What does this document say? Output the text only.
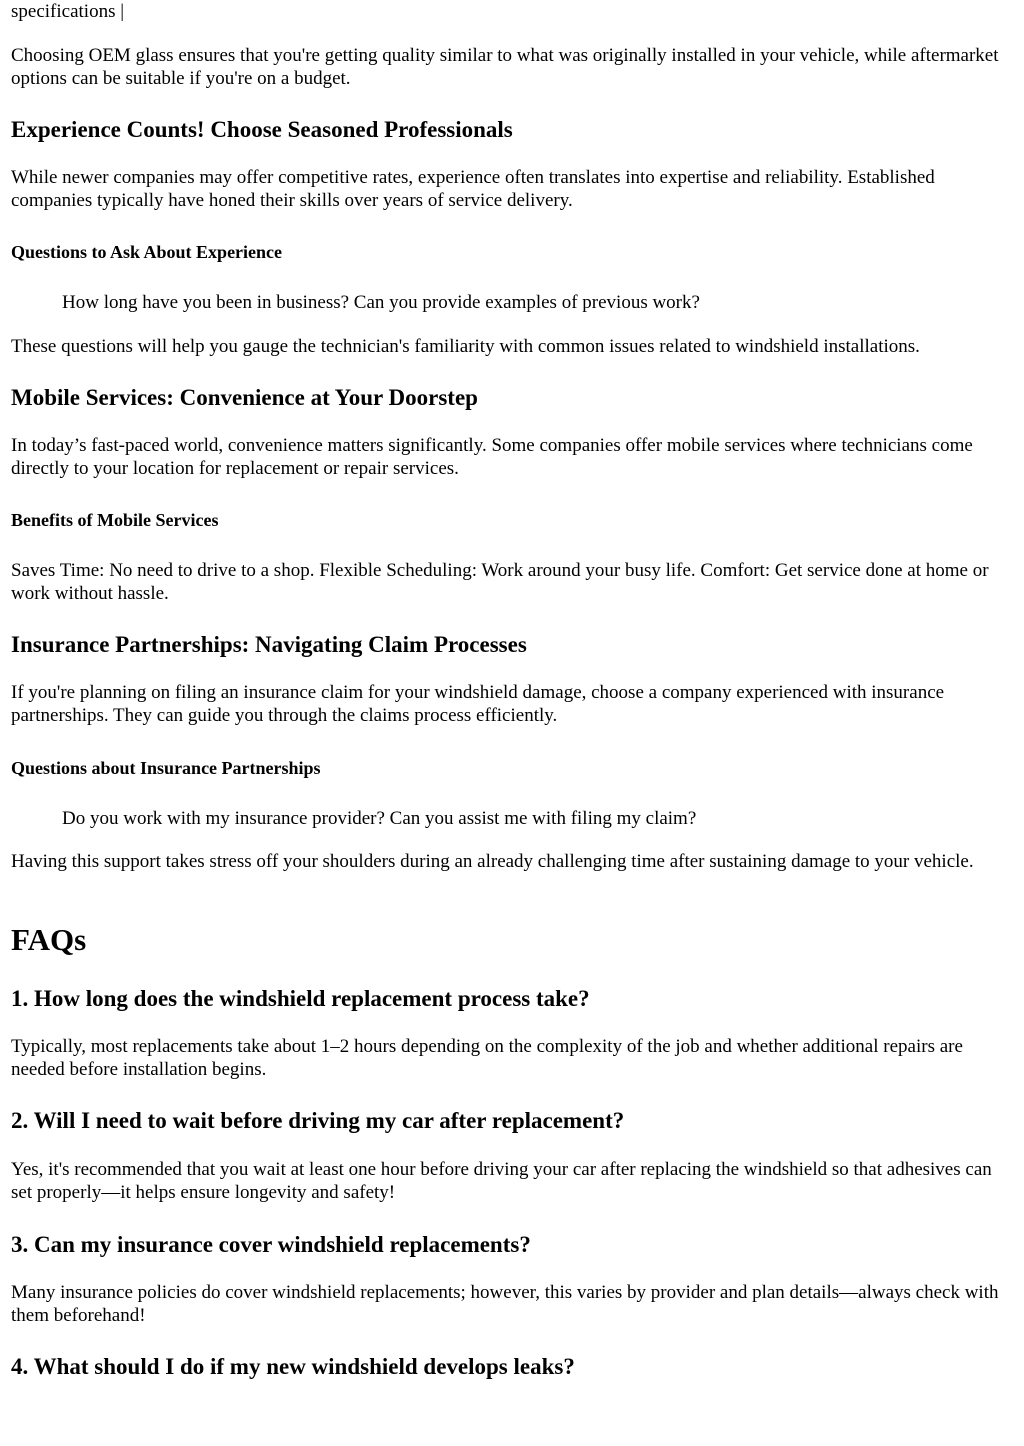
specifications |

Choosing OEM glass ensures that you're getting quality similar to what was originally installed in your vehicle, while aftermarket options can be suitable if you're on a budget.

Experience Counts! Choose Seasoned Professionals

While newer companies may offer competitive rates, experience often translates into expertise and reliability. Established companies typically have honed their skills over years of service delivery.

Questions to Ask About Experience

How long have you been in business? Can you provide examples of previous work?

These questions will help you gauge the technician's familiarity with common issues related to windshield installations.

Mobile Services: Convenience at Your Doorstep

In today’s fast-paced world, convenience matters significantly. Some companies offer mobile services where technicians come directly to your location for replacement or repair services.

Benefits of Mobile Services

Saves Time: No need to drive to a shop. Flexible Scheduling: Work around your busy life. Comfort: Get service done at home or work without hassle.

Insurance Partnerships: Navigating Claim Processes

If you're planning on filing an insurance claim for your windshield damage, choose a company experienced with insurance partnerships. They can guide you through the claims process efficiently.

Questions about Insurance Partnerships

Do you work with my insurance provider? Can you assist me with filing my claim?

Having this support takes stress off your shoulders during an already challenging time after sustaining damage to your vehicle.

FAQs
1. How long does the windshield replacement process take?

Typically, most replacements take about 1–2 hours depending on the complexity of the job and whether additional repairs are needed before installation begins.

2. Will I need to wait before driving my car after replacement?

Yes, it's recommended that you wait at least one hour before driving your car after replacing the windshield so that adhesives can set properly—it helps ensure longevity and safety!

3. Can my insurance cover windshield replacements?

Many insurance policies do cover windshield replacements; however, this varies by provider and plan details—always check with them beforehand!

4. What should I do if my new windshield develops leaks?
